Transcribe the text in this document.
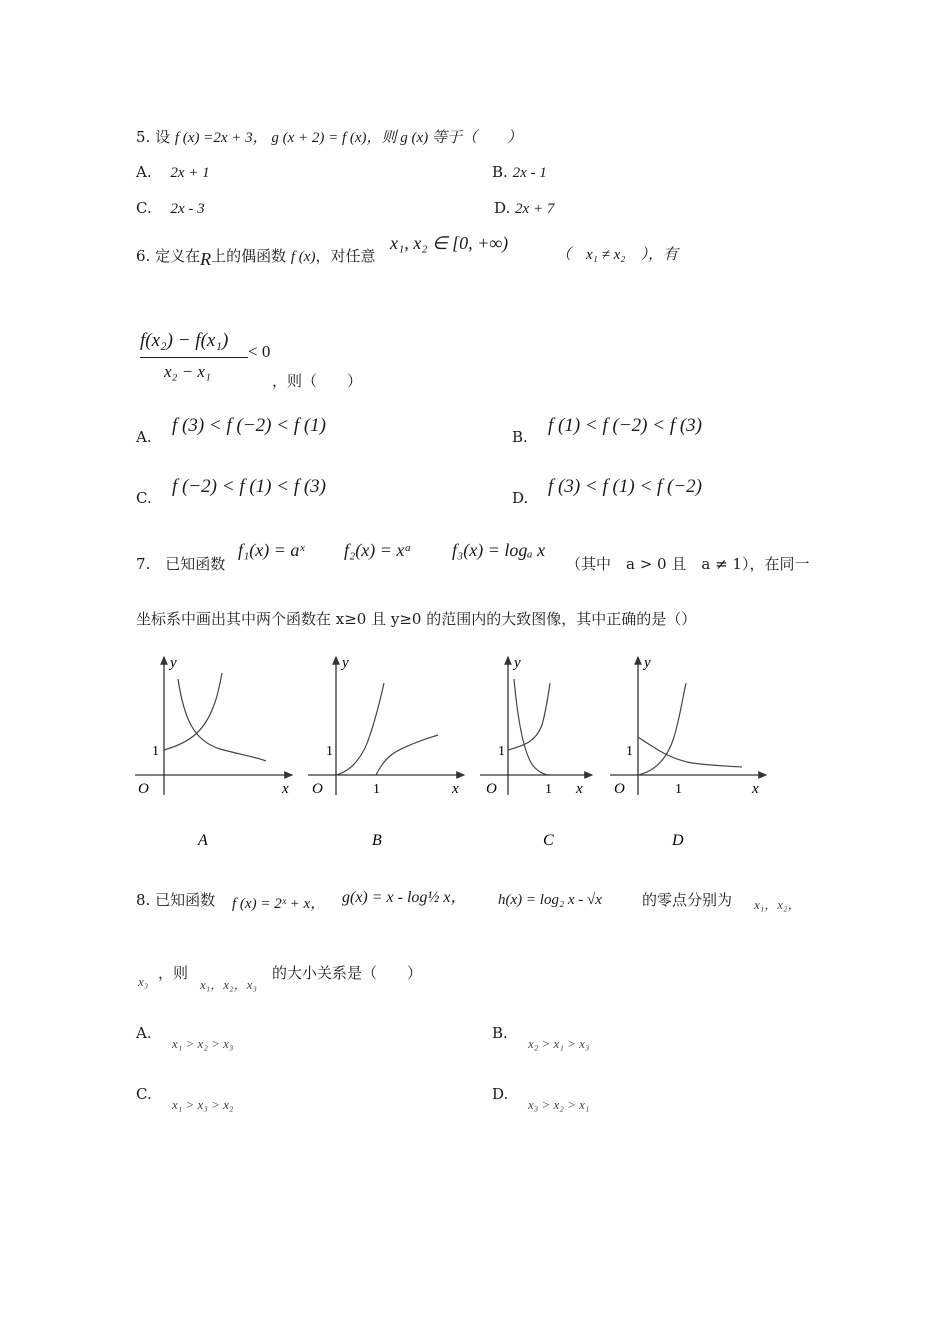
5. 设 f (x) =2x + 3， g (x + 2) = f (x)，则 g (x) 等于（　　）
A. 2x + 1	B. 2x - 1
C. 2x - 3	D. 2x + 7
6. 定义在R上的偶函数 f (x)，对任意
x₁, x₂ ∈ [0, +∞)
（　x₁ ≠ x₂　），有
f(x₂) − f(x₁)
x₂ − x₁
< 0
，则（　　）
A.
f (3) < f (−2) < f (1)
B.
f (1) < f (−2) < f (3)
C.
f (−2) < f (1) < f (3)
D.
f (3) < f (1) < f (−2)
7.　已知函数
f₁(x) = aˣ f₂(x) = xᵃ f₃(x) = logₐ x
（其中　a > 0 且　a ≠ 1），在同一
坐标系中画出其中两个函数在 x≥0 且 y≥0 的范围内的大致图像，其中正确的是（）
y
x
O
1
A
y
x
O
1
1
B
y
x
O
1
1
C
y
x
O
1
1
D
8. 已知函数 f (x) = 2ˣ + x， g(x) = x - log½ x， h(x) = log₂ x - √x	的零点分别为 x₁，x₂，
x₃ ，则
x₁，x₂，x₃
的大小关系是（　　）
A.
x₁ > x₂ > x₃
B.
x₂ > x₁ > x₃
C.
x₁ > x₃ > x₂
D.
x₃ > x₂ > x₁
